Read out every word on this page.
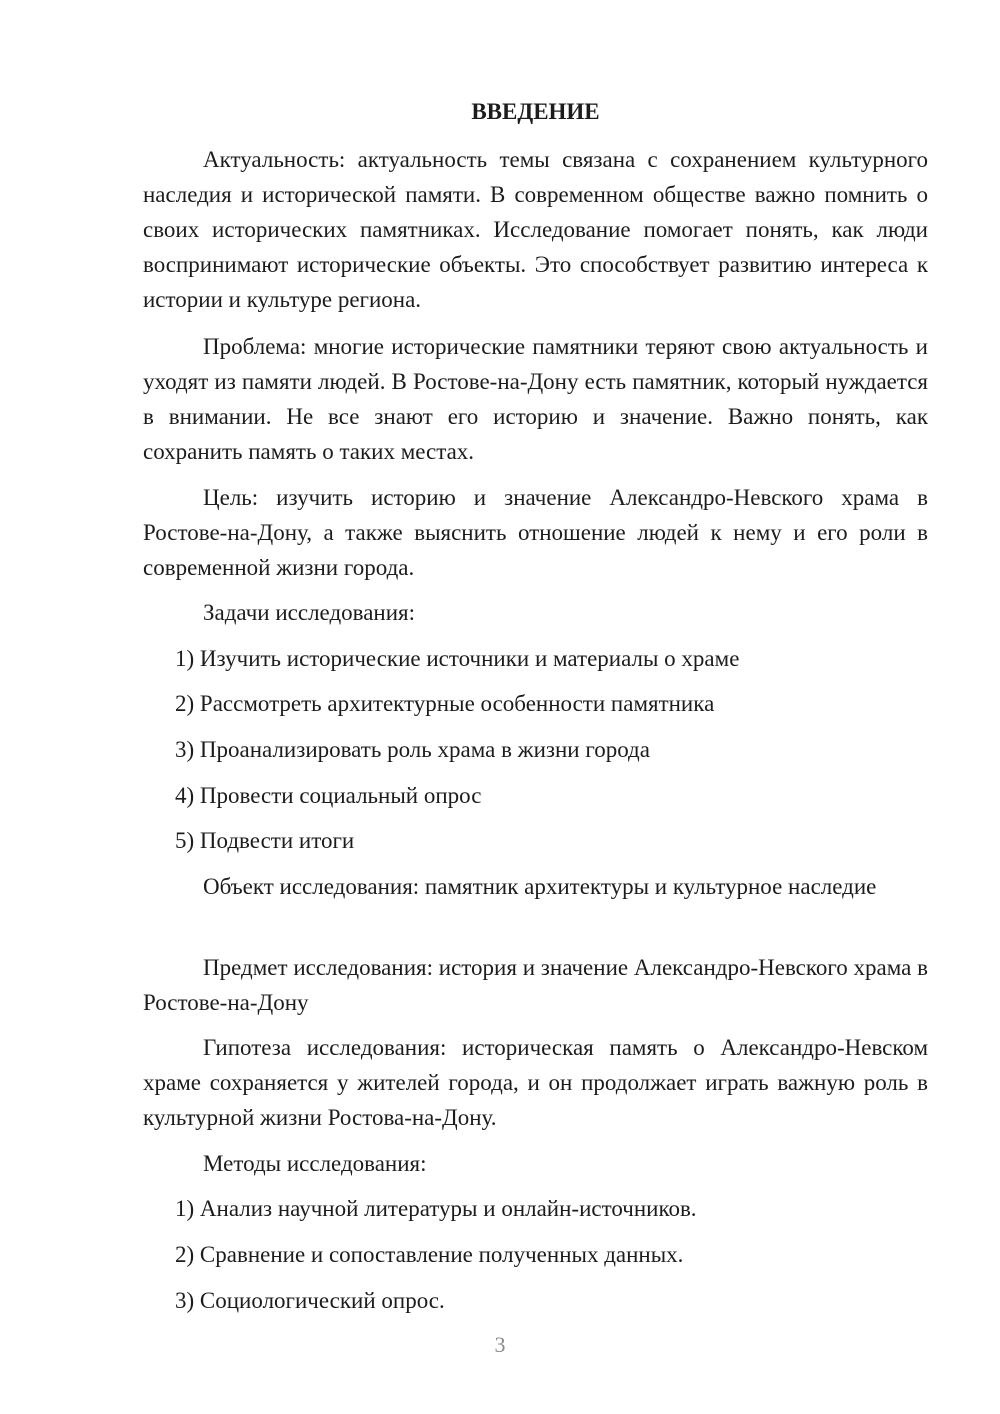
ВВЕДЕНИЕ

Актуальность: актуальность темы связана с сохранением культурного наследия и исторической памяти. В современном обществе важно помнить о своих исторических памятниках. Исследование помогает понять, как люди воспринимают исторические объекты. Это способствует развитию интереса к истории и культуре региона.

Проблема: многие исторические памятники теряют свою актуальность и уходят из памяти людей. В Ростове-на-Дону есть памятник, который нуждается в внимании. Не все знают его историю и значение. Важно понять, как сохранить память о таких местах.

Цель: изучить историю и значение Александро-Невского храма в Ростове-на-Дону, а также выяснить отношение людей к нему и его роли в современной жизни города.

Задачи исследования:

1) Изучить исторические источники и материалы о храме
2) Рассмотреть архитектурные особенности памятника
3) Проанализировать роль храма в жизни города
4) Провести социальный опрос
5) Подвести итоги

Объект исследования: памятник архитектуры и культурное наследие

Предмет исследования: история и значение Александро-Невского храма в Ростове-на-Дону

Гипотеза исследования: историческая память о Александро-Невском храме сохраняется у жителей города, и он продолжает играть важную роль в культурной жизни Ростова-на-Дону.

Методы исследования:

1) Анализ научной литературы и онлайн-источников.
2) Сравнение и сопоставление полученных данных.
3) Социологический опрос.
3
